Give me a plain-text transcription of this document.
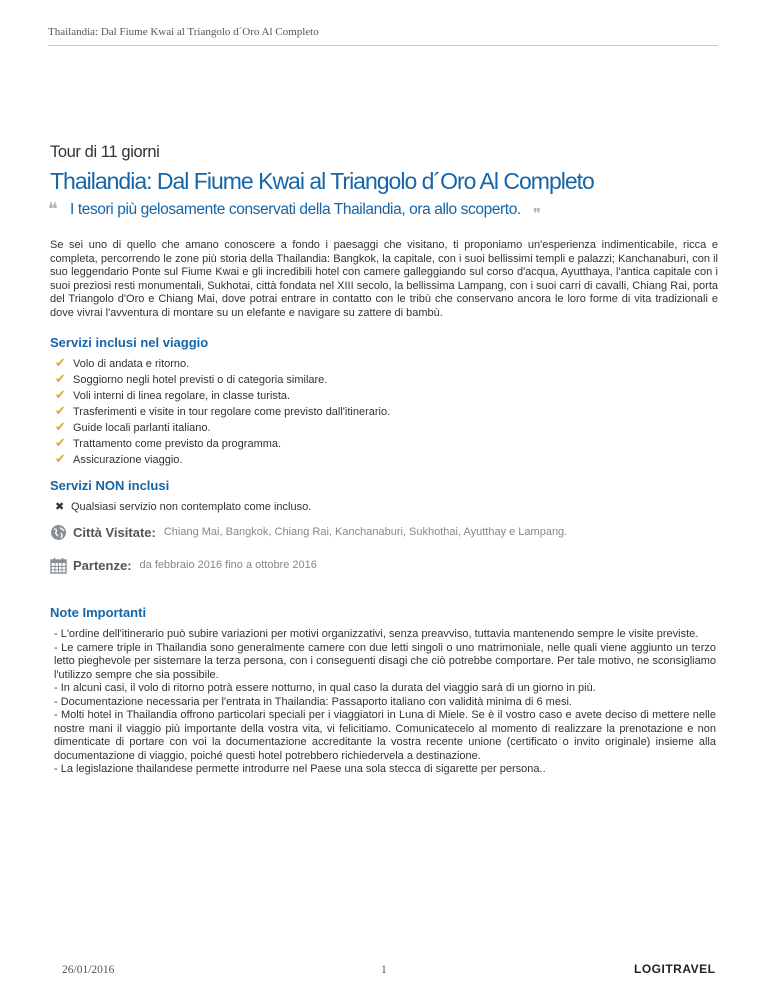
Thailandia: Dal Fiume Kwai al Triangolo d´Oro Al Completo
Tour di 11 giorni
Thailandia: Dal Fiume Kwai al Triangolo d´Oro Al Completo
❝ I tesori più gelosamente conservati della Thailandia, ora allo scoperto. ❞

Se sei uno di quello che amano conoscere a fondo i paesaggi che visitano, ti proponiamo un'esperienza indimenticabile, ricca e completa, percorrendo le zone più storia della Thailandia: Bangkok, la capitale, con i suoi bellissimi templi e palazzi; Kanchanaburi, con il suo leggendario Ponte sul Fiume Kwai e gli incredibili hotel con camere galleggiando sul corso d'acqua, Ayutthaya, l'antica capitale con i suoi preziosi resti monumentali, Sukhotai, città fondata nel XIII secolo, la bellissima Lampang, con i suoi carri di cavalli, Chiang Rai, porta del Triangolo d'Oro e Chiang Mai, dove potrai entrare in contatto con le tribù che conservano ancora le loro forme di vita tradizionali e dove vivrai l'avventura di montare su un elefante e navigare su zattere di bambù.

Servizi inclusi nel viaggio
✔ Volo di andata e ritorno.
✔ Soggiorno negli hotel previsti o di categoria similare.
✔ Voli interni di linea regolare, in classe turista.
✔ Trasferimenti e visite in tour regolare come previsto dall'itinerario.
✔ Guide locali parlanti italiano.
✔ Trattamento come previsto da programma.
✔ Assicurazione viaggio.
Servizi NON inclusi
✖ Qualsiasi servizio non contemplato come incluso.
Città Visitate: Chiang Mai, Bangkok, Chiang Rai, Kanchanaburi, Sukhothai, Ayutthay e Lampang.
Partenze: da febbraio 2016 fino a ottobre 2016
Note Importanti

- L'ordine dell'itinerario può subire variazioni per motivi organizzativi, senza preavviso, tuttavia mantenendo sempre le visite previste.

- Le camere triple in Thailandia sono generalmente camere con due letti singoli o uno matrimoniale, nelle quali viene aggiunto un terzo letto pieghevole per sistemare la terza persona, con i conseguenti disagi che ciò potrebbe comportare. Per tale motivo, ne sconsigliamo l'utilizzo sempre che sia possibile.

- In alcuni casi, il volo di ritorno potrà essere notturno, in qual caso la durata del viaggio sarà di un giorno in più.

- Documentazione necessaria per l'entrata in Thailandia: Passaporto italiano con validità minima di 6 mesi.

- Molti hotel in Thailandia offrono particolari speciali per i viaggiatori in Luna di Miele. Se è il vostro caso e avete deciso di mettere nelle nostre mani il viaggio più importante della vostra vita, vi felicitiamo. Comunicatecelo al momento di realizzare la prenotazione e non dimenticate di portare con voi la documentazione accreditante la vostra recente unione (certificato o invito originale) insieme alla documentazione di viaggio, poiché questi hotel potrebbero richiedervela a destinazione.

- La legislazione thailandese permette introdurre nel Paese una sola stecca di sigarette per persona..

26/01/2016	1	LOGITRAVEL
